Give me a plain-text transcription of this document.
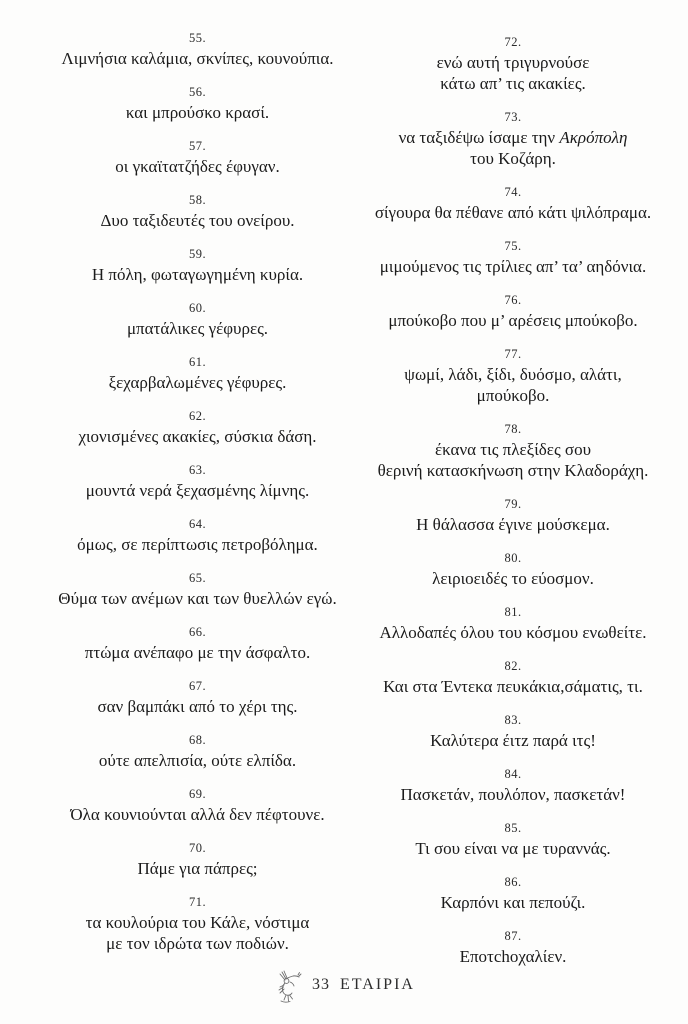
55.
Λιμνήσια καλάμια, σκνίπες, κουνούπια.
56.
και μπρούσκο κρασί.
57.
οι γκαϊτατζήδες έφυγαν.
58.
Δυο ταξιδευτές του ονείρου.
59.
Η πόλη, φωταγωγημένη κυρία.
60.
μπατάλικες γέφυρες.
61.
ξεχαρβαλωμένες γέφυρες.
62.
χιονισμένες ακακίες, σύσκια δάση.
63.
μουντά νερά ξεχασμένης λίμνης.
64.
όμως, σε περίπτωσις πετροβόλημα.
65.
Θύμα των ανέμων και των θυελλών εγώ.
66.
πτώμα ανέπαφο με την άσφαλτο.
67.
σαν βαμπάκι από το χέρι της.
68.
ούτε απελπισία, ούτε ελπίδα.
69.
Όλα κουνιούνται αλλά δεν πέφτουνε.
70.
Πάμε για πάπρες;
71.
τα κουλούρια του Κάλε, νόστιμα
με τον ιδρώτα των ποδιών.
72.
ενώ αυτή τριγυρνούσε
κάτω απ’ τις ακακίες.
73.
να ταξιδέψω ίσαμε την Ακρόπολη
του Κοζάρη.
74.
σίγουρα θα πέθανε από κάτι ψιλόπραμα.
75.
μιμούμενος τις τρίλιες απ’ τα’ αηδόνια.
76.
μπούκοβο που μ’ αρέσεις μπούκοβο.
77.
ψωμί, λάδι, ξίδι, δυόσμο, αλάτι,
μπούκοβο.
78.
έκανα τις πλεξίδες σου
θερινή κατασκήνωση στην Κλαδοράχη.
79.
Η θάλασσα έγινε μούσκεμα.
80.
λειριοειδές το εύοσμον.
81.
Αλλοδαπές όλου του κόσμου ενωθείτε.
82.
Και στα Έντεκα πευκάκια,σάματις, τι.
83.
Καλύτερα έιτz παρά ιτς!
84.
Πασκετάν, πουλόπον, πασκετάν!
85.
Τι σου είναι να με τυραννάς.
86.
Καρπόνι και πεπούζι.
87.
Εποτchοχαλίεν.
33 ΕΤΑΙΡΙΑ
